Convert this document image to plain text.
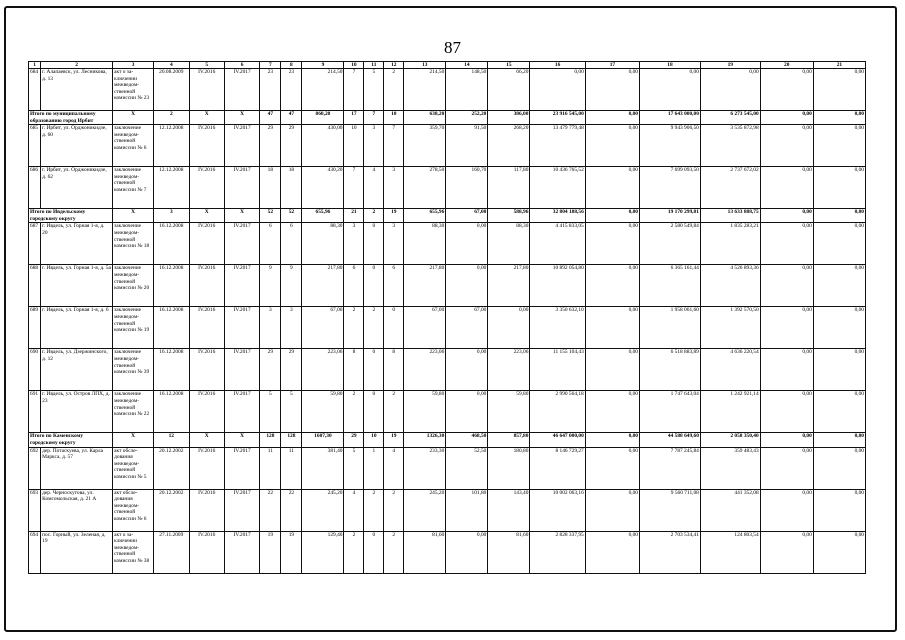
87
1	2	3	4	5	6	7	8	9	10	11	12	13	14	15	16	17	18	19	20	21
684	г. Алапаевск, ул. Лесникова, д. 13	акт о за-ключении межведом-ственной комиссии № 23	20.08.2009	IV.2016	IV.2017	23	23	214,50	7	5	2	214,50	148,50	66,20	0,00	0,00	0,00	0,00	0,00	0,00
Итого по муниципальному образованию город Ирбит		X	2	X	X	47	47	860,20	17	7	10	638,20	252,20	386,00	23 916 545,00	0,00	17 643 000,00	6 273 545,00	0,00	0,00
685	г. Ирбит, ул. Орджоникидзе, д. 60	заключение межведом-ственной комиссии № 6	12.12.2008	IV.2016	IV.2017	29	29	430,00	10	3	7	359,70	91,50	268,20	13 479 779,48	0,00	9 943 906,50	3 535 872,98	0,00	0,00
686	г. Ирбит, ул. Орджоникидзе, д. 62	заключение межведом-ственной комиссии № 7	12.12.2008	IV.2016	IV.2017	18	18	430,20	7	4	3	278,50	160,70	117,80	10 436 765,52	0,00	7 699 093,50	2 737 672,02	0,00	0,00
Итого по Ивдельскому городскому округу		X	3	X	X	52	52	655,96	21	2	19	655,96	67,00	588,96	32 804 188,56	0,00	19 170 299,81	13 633 888,75	0,00	0,00
687	г. Ивдель, ул. Горная 1-я, д. 20	заключение межведом-ственной комиссии № 18	16.12.2008	IV.2016	IV.2017	6	6	88,30	3	0	3	88,30	0,00	88,30	4 415 833,05	0,00	2 580 549,84	1 835 283,21	0,00	0,00
688	г. Ивдель, ул. Горная 1-я, д. 5а	заключение межведом-ственной комиссии № 20	16.12.2008	IV.2016	IV.2017	9	9	217,80	6	0	6	217,80	0,00	217,80	10 892 054,80	0,00	6 365 161,44	4 526 893,36	0,00	0,00
689	г. Ивдель, ул. Горная 1-я, д. 6	заключение межведом-ственной комиссии № 19	16.12.2008	IV.2016	IV.2017	3	3	67,00	2	2	0	67,00	67,00	0,00	3 350 632,10	0,00	1 958 061,60	1 392 570,50	0,00	0,00
690	г. Ивдель, ул. Дзержинского, д. 12	заключение межведом-ственной комиссии № 39	16.12.2008	IV.2016	IV.2017	29	29	223,06	8	0	8	223,06	0,00	223,06	11 155 104,43	0,00	6 518 883,89	4 636 220,54	0,00	0,00
691	г. Ивдель, ул. Остров ЛПХ, д. 23	заключение межведом-ственной комиссии № 22	16.12.2008	IV.2016	IV.2017	5	5	59,80	2	0	2	59,80	0,00	59,80	2 990 564,18	0,00	1 747 643,04	1 242 921,14	0,00	0,00
Итого по Каменскому городскому округу		X	12	X	X	128	128	1607,30	29	10	19	1326,30	468,50	857,80	46 647 000,00	0,00	44 588 649,60	2 058 350,40	0,00	0,00
692	дер. Потаскуева, ул. Карла Маркса, д. 57	акт обсле-дования межведом-ственной комиссии № 5	20.12.2002	IV.2016	IV.2017	11	11	381,40	5	1	4	233,30	52,50	180,80	8 146 729,27	0,00	7 787 245,84	359 483,43	0,00	0,00
693	дер. Черноскутова, ул. Комсомольская, д. 21 А	акт обсле-дования межведом-ственной комиссии № 6	20.12.2002	IV.2016	IV.2017	22	22	245,20	4	2	2	245,20	101,80	143,40	10 002 063,16	0,00	9 560 711,08	441 352,08	0,00	0,00
694	пос. Горный, ул. Зеленая, д. 19	акт о за-ключении межведом-ственной комиссии № 38	27.11.2009	IV.2016	IV.2017	19	19	129,40	2	0	2	81,60	0,00	81,60	2 828 337,95	0,00	2 703 534,41	124 803,54	0,00	0,00
